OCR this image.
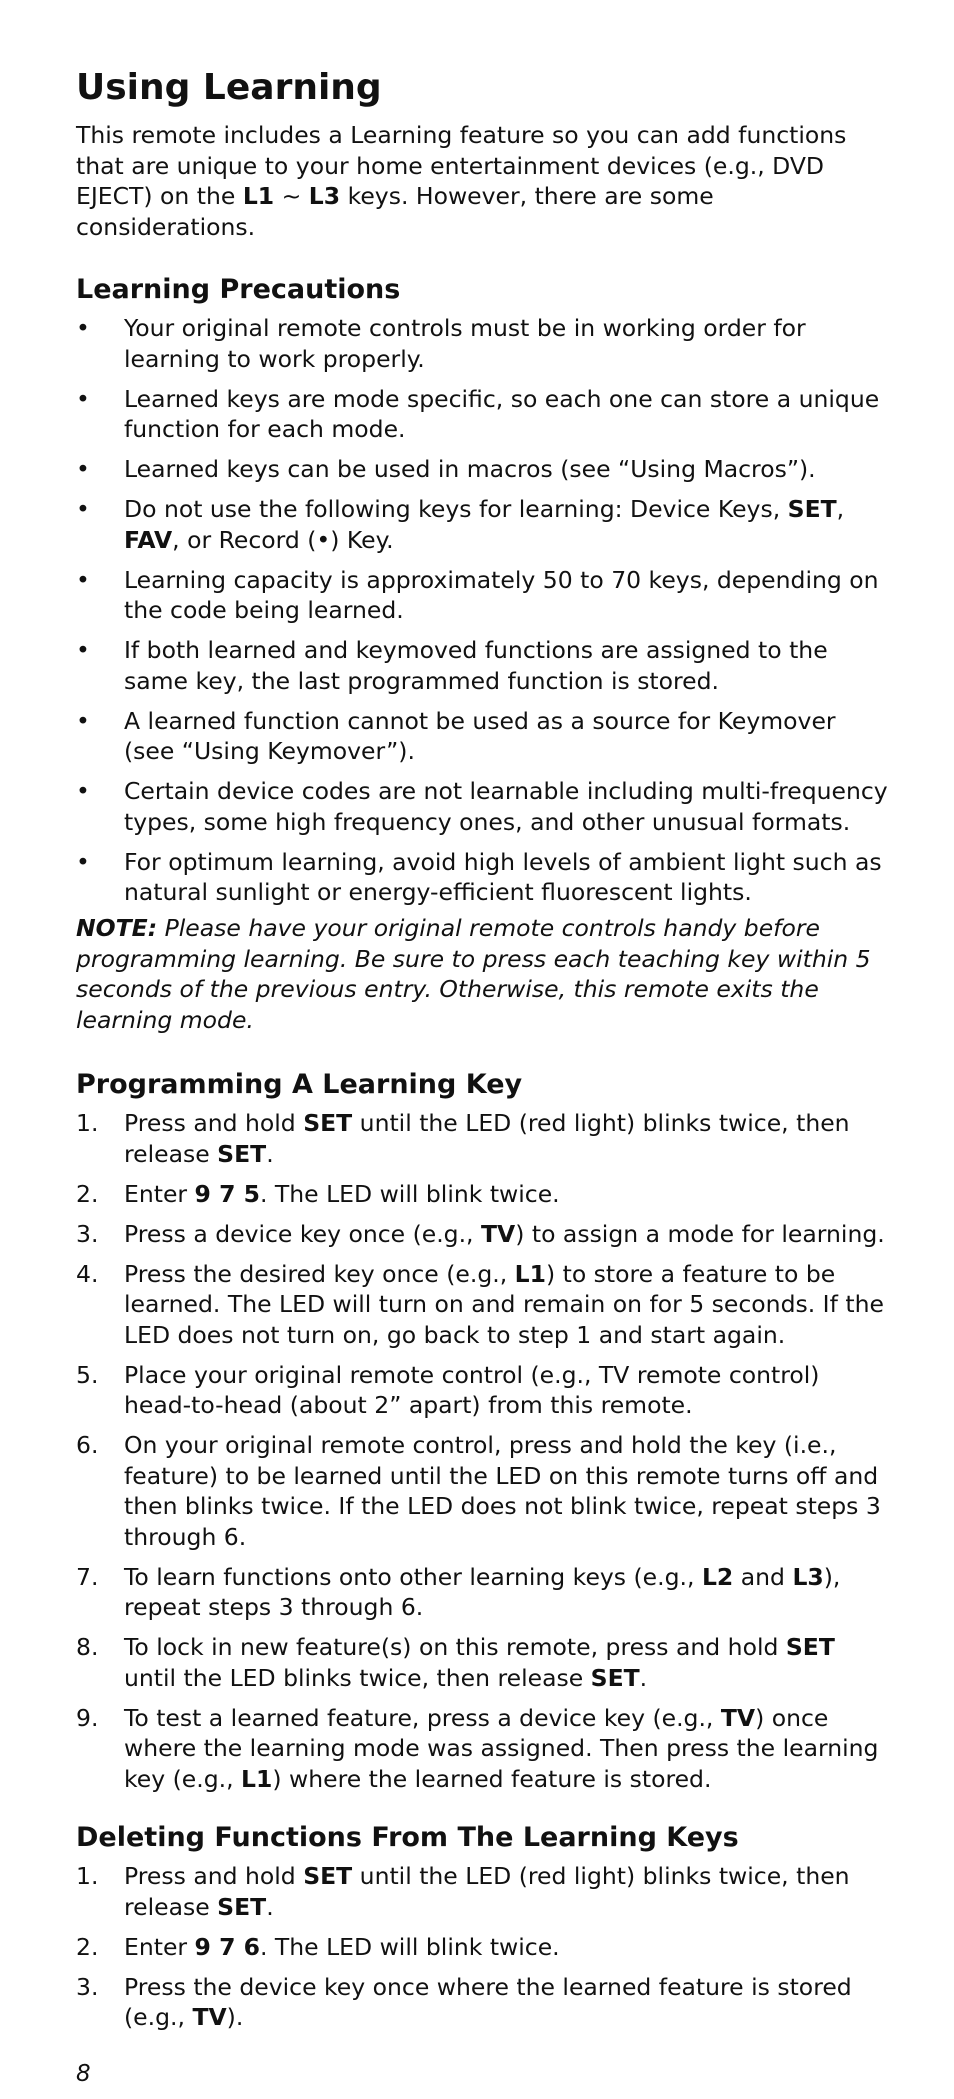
Using Learning

This remote includes a Learning feature so you can add functions that are unique to your home entertainment devices (e.g., DVD EJECT) on the L1 ~ L3 keys. However, there are some considerations.

Learning Precautions
•	Your original remote controls must be in working order for learning to work properly.
•	Learned keys are mode specific, so each one can store a unique function for each mode.
•	Learned keys can be used in macros (see “Using Macros”).
•	Do not use the following keys for learning: Device Keys, SET, FAV, or Record (•) Key.
•	Learning capacity is approximately 50 to 70 keys, depending on the code being learned.
•	If both learned and keymoved functions are assigned to the same key, the last programmed function is stored.
•	A learned function cannot be used as a source for Keymover (see “Using Keymover”).
•	Certain device codes are not learnable including multi-frequency types, some high frequency ones, and other unusual formats.
•	For optimum learning, avoid high levels of ambient light such as natural sunlight or energy-efficient fluorescent lights.

NOTE: Please have your original remote controls handy before programming learning. Be sure to press each teaching key within 5 seconds of the previous entry. Otherwise, this remote exits the learning mode.

Programming A Learning Key
1.	Press and hold SET until the LED (red light) blinks twice, then release SET.
2.	Enter 9 7 5. The LED will blink twice.
3.	Press a device key once (e.g., TV) to assign a mode for learning.
4.	Press the desired key once (e.g., L1) to store a feature to be learned. The LED will turn on and remain on for 5 seconds. If the LED does not turn on, go back to step 1 and start again.
5.	Place your original remote control (e.g., TV remote control) head-to-head (about 2” apart) from this remote.
6.	On your original remote control, press and hold the key (i.e., feature) to be learned until the LED on this remote turns off and then blinks twice. If the LED does not blink twice, repeat steps 3 through 6.
7.	To learn functions onto other learning keys (e.g., L2 and L3), repeat steps 3 through 6.
8.	To lock in new feature(s) on this remote, press and hold SET until the LED blinks twice, then release SET.
9.	To test a learned feature, press a device key (e.g., TV) once where the learning mode was assigned. Then press the learning key (e.g., L1) where the learned feature is stored.
Deleting Functions From The Learning Keys
1.	Press and hold SET until the LED (red light) blinks twice, then release SET.
2.	Enter 9 7 6. The LED will blink twice.
3.	Press the device key once where the learned feature is stored (e.g., TV).
8
